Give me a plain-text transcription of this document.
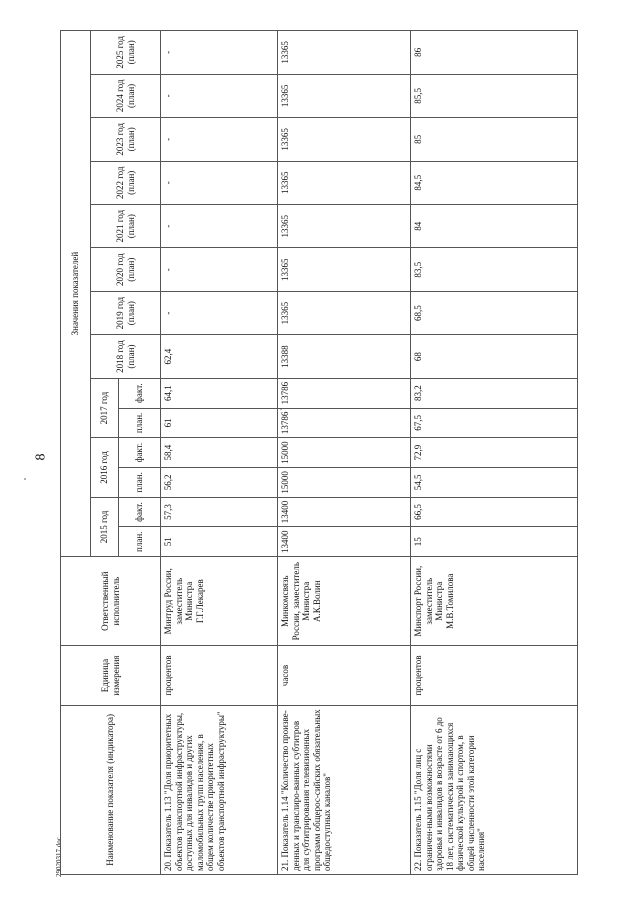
8
29020317.doc	Наименование показателя (индикатора)	Единица измерения	Ответственный исполнитель	Значения показателей													
			2015 год		2016 год		2017 год		2018 год (план)	2019 год (план)	2020 год (план)	2021 год (план)	2022 год (план)	2023 год (план)	2024 год (план)	2025 год (план)
			план.	факт.	план.	факт.	план.	факт.								
20. Показатель 1.13 "Доля приоритетных объектов транспортной инфраструктуры, доступных для инвалидов и других маломобильных групп населения, в общем количестве приоритетных объектов транспортной инфраструктуры"	процентов	Минтруд России, заместитель Министра Г.Г.Лекарев	51	57,3	56,2	58,4	61	64,1	62,4	-	-	-	-	-	-	-
21. Показатель 1.14 "Количество произве-денных и транслиро-ванных субтитров для субтитрирования телевизионных программ общерос-сийских обязательных общедоступных каналов"	часов	Минкомсвязь России, заместитель Министра А.К.Волин	13400	13400	15000	15000	13786	13786	13388	13365	13365	13365	13365	13365	13365	13365
22. Показатель 1.15 "Доля лиц с ограничен-ными возможностями здоровья и инвалидов в возрасте от 6 до 18 лет, систематически занимающихся физической культурой и спортом, в общей численности этой категории населения"	процентов	Минспорт России, заместитель Министра М.В.Томилова	15	66,5	54,5	72,9	67,5	83,2	68	68,5	83,5	84	84,5	85	85,5	86
